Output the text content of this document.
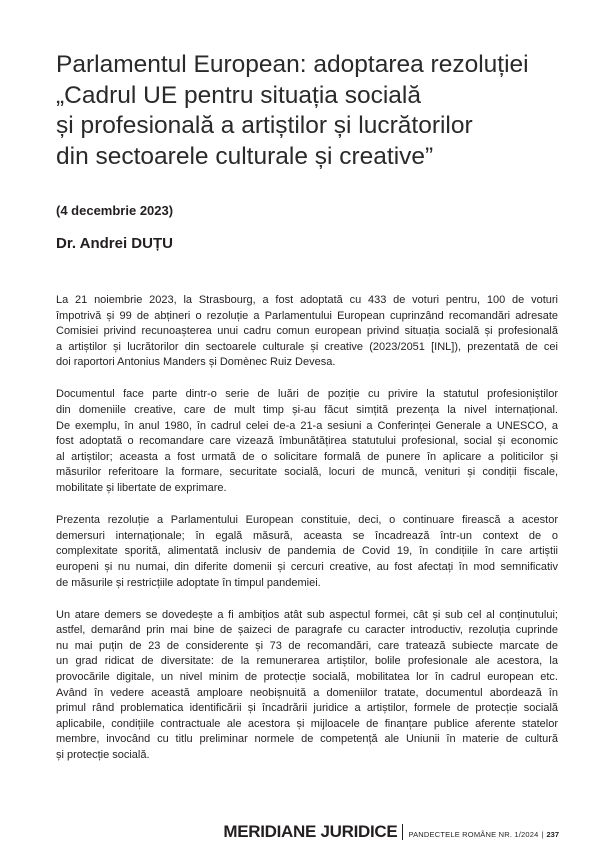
Parlamentul European: adoptarea rezoluției
„Cadrul UE pentru situația socială
și profesională a artiștilor și lucrătorilor
din sectoarele culturale și creative”
(4 decembrie 2023)
Dr. Andrei DUȚU
La 21 noiembrie 2023, la Strasbourg, a fost adoptată cu 433 de voturi pentru, 100 de voturi
împotrivă și 99 de abțineri o rezoluție a Parlamentului European cuprinzând recomandări adresate
Comisiei privind recunoașterea unui cadru comun european privind situația socială și profesională
a artiștilor și lucrătorilor din sectoarele culturale și creative (2023/2051 [INL]), prezentată de cei
doi raportori Antonius Manders și Domènec Ruiz Devesa.
Documentul face parte dintr-o serie de luări de poziție cu privire la statutul profesioniștilor
din domeniile creative, care de mult timp și-au făcut simțită prezența la nivel internațional.
De exemplu, în anul 1980, în cadrul celei de-a 21-a sesiuni a Conferinței Generale a UNESCO, a
fost adoptată o recomandare care vizează îmbunătățirea statutului profesional, social și economic
al artiștilor; aceasta a fost urmată de o solicitare formală de punere în aplicare a politicilor și
măsurilor referitoare la formare, securitate socială, locuri de muncă, venituri și condiții fiscale,
mobilitate și libertate de exprimare.
Prezenta rezoluție a Parlamentului European constituie, deci, o continuare firească a acestor
demersuri internaționale; în egală măsură, aceasta se încadrează într-un context de o
complexitate sporită, alimentată inclusiv de pandemia de Covid 19, în condițiile în care artiștii
europeni și nu numai, din diferite domenii și cercuri creative, au fost afectați în mod semnificativ
de măsurile și restricțiile adoptate în timpul pandemiei.
Un atare demers se dovedește a fi ambițios atât sub aspectul formei, cât și sub cel al conținutului;
astfel, demarând prin mai bine de șaizeci de paragrafe cu caracter introductiv, rezoluția cuprinde
nu mai puțin de 23 de considerente și 73 de recomandări, care tratează subiecte marcate de
un grad ridicat de diversitate: de la remunerarea artiștilor, bolile profesionale ale acestora, la
provocările digitale, un nivel minim de protecție socială, mobilitatea lor în cadrul european etc.
Având în vedere această amploare neobișnuită a domeniilor tratate, documentul abordează în
primul rând problematica identificării și încadrării juridice a artiștilor, formele de protecție socială
aplicabile, condițiile contractuale ale acestora și mijloacele de finanțare publice aferente statelor
membre, invocând cu titlu preliminar normele de competență ale Uniunii în materie de cultură
și protecție socială.
MERIDIANE JURIDICE PANDECTELE ROMÂNE NR. 1/2024 | 237
